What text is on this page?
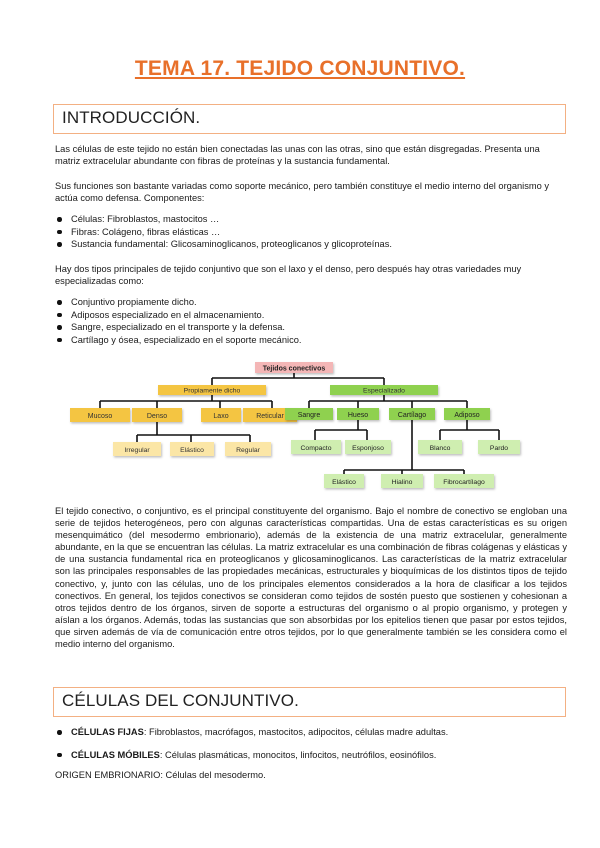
TEMA 17. TEJIDO CONJUNTIVO.
INTRODUCCIÓN.

Las células de este tejido no están bien conectadas las unas con las otras, sino que están disgregadas. Presenta una matriz extracelular abundante con fibras de proteínas y la sustancia fundamental.

Sus funciones son bastante variadas como soporte mecánico, pero también constituye el medio interno del organismo y actúa como defensa. Componentes:

Células: Fibroblastos, mastocitos …
Fibras: Colágeno, fibras elásticas …
Sustancia fundamental: Glicosaminoglicanos, proteoglicanos y glicoproteínas.

Hay dos tipos principales de tejido conjuntivo que son el laxo y el denso, pero después hay otras variedades muy especializadas como:

Conjuntivo propiamente dicho.
Adiposos especializado en el almacenamiento.
Sangre, especializado en el transporte y la defensa.
Cartílago y ósea, especializado en el soporte mecánico.
Tejidos conectivos
Propiamente dicho	Especializado
Mucoso	Denso	Laxo	Reticular
Irregular	Elástico	Regular
Sangre	Hueso	Cartílago	Adiposo
Compacto	Esponjoso
Elástico	Hialino	Fibrocartílago
Blanco	Pardo

El tejido conectivo, o conjuntivo, es el principal constituyente del organismo. Bajo el nombre de conectivo se engloban una serie de tejidos heterogéneos, pero con algunas características compartidas. Una de estas características es su origen mesenquimático (del mesodermo embrionario), además de la existencia de una matriz extracelular, generalmente abundante, en la que se encuentran las células. La matriz extracelular es una combinación de fibras colágenas y elásticas y de una sustancia fundamental rica en proteoglicanos y glicosaminoglicanos. Las características de la matriz extracelular son las principales responsables de las propiedades mecánicas, estructurales y bioquímicas de los distintos tipos de tejido conectivo, y, junto con las células, uno de los principales elementos considerados a la hora de clasificar a los tejidos conectivos. En general, los tejidos conectivos se consideran como tejidos de sostén puesto que sostienen y cohesionan a otros tejidos dentro de los órganos, sirven de soporte a estructuras del organismo o al propio organismo, y protegen y aíslan a los órganos. Además, todas las sustancias que son absorbidas por los epitelios tienen que pasar por estos tejidos, que sirven además de vía de comunicación entre otros tejidos, por lo que generalmente también se les considera como el medio interno del organismo.

CÉLULAS DEL CONJUNTIVO.
CÉLULAS FIJAS: Fibroblastos, macrófagos, mastocitos, adipocitos, células madre adultas.
CÉLULAS MÓBILES: Células plasmáticas, monocitos, linfocitos, neutrófilos, eosinófilos.

ORIGEN EMBRIONARIO: Células del mesodermo.
